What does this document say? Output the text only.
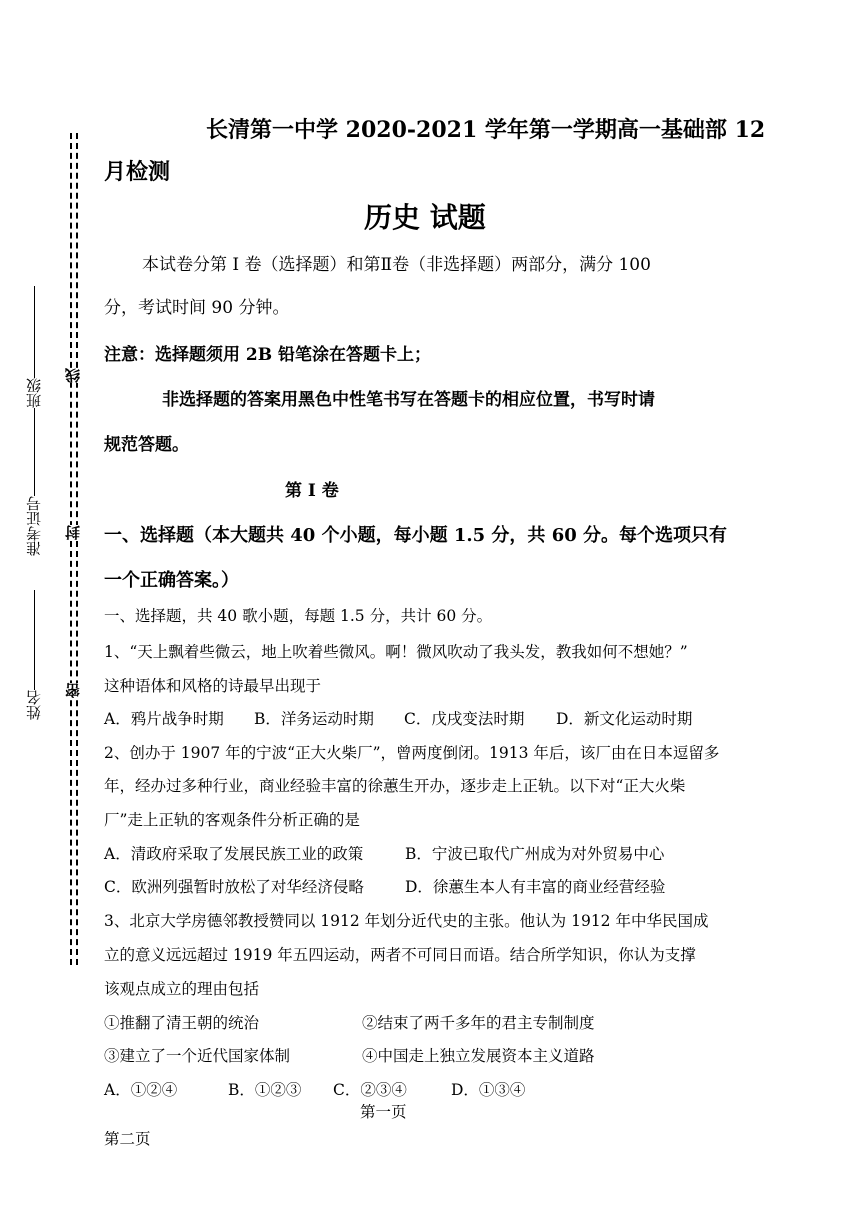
班级
准考证号
姓名
线
封
密
长清第一中学 2020-2021 学年第一学期高一基础部 12
月检测
历史 试题
本试卷分第 I 卷（选择题）和第Ⅱ卷（非选择题）两部分，满分 100
分，考试时间 90 分钟。
注意：选择题须用 2B 铅笔涂在答题卡上；
非选择题的答案用黑色中性笔书写在答题卡的相应位置，书写时请
规范答题。
第 I 卷
一、选择题（本大题共 40 个小题，每小题 1.5 分，共 60 分。每个选项只有
一个正确答案。）
一、选择题，共 40 歌小题，每题 1.5 分，共计 60 分。
1、“天上飘着些微云，地上吹着些微风。啊！微风吹动了我头发，教我如何不想她？”
这种语体和风格的诗最早出现于
A．鸦片战争时期 B．洋务运动时期 C．戊戌变法时期 D．新文化运动时期
2、创办于 1907 年的宁波“正大火柴厂”，曾两度倒闭。1913 年后，该厂由在日本逗留多
年，经办过多种行业，商业经验丰富的徐蕙生开办，逐步走上正轨。以下对“正大火柴
厂”走上正轨的客观条件分析正确的是
A．清政府采取了发展民族工业的政策	B．宁波已取代广州成为对外贸易中心
C．欧洲列强暂时放松了对华经济侵略	D．徐蕙生本人有丰富的商业经营经验
3、北京大学房德邻教授赞同以 1912 年划分近代史的主张。他认为 1912 年中华民国成
立的意义远远超过 1919 年五四运动，两者不可同日而语。结合所学知识，你认为支撑
该观点成立的理由包括
①推翻了清王朝的统治	②结束了两千多年的君主专制制度
③建立了一个近代国家体制	④中国走上独立发展资本主义道路
A．①②④	B．①②③ C．②③④	D．①③④
第一页
第二页
